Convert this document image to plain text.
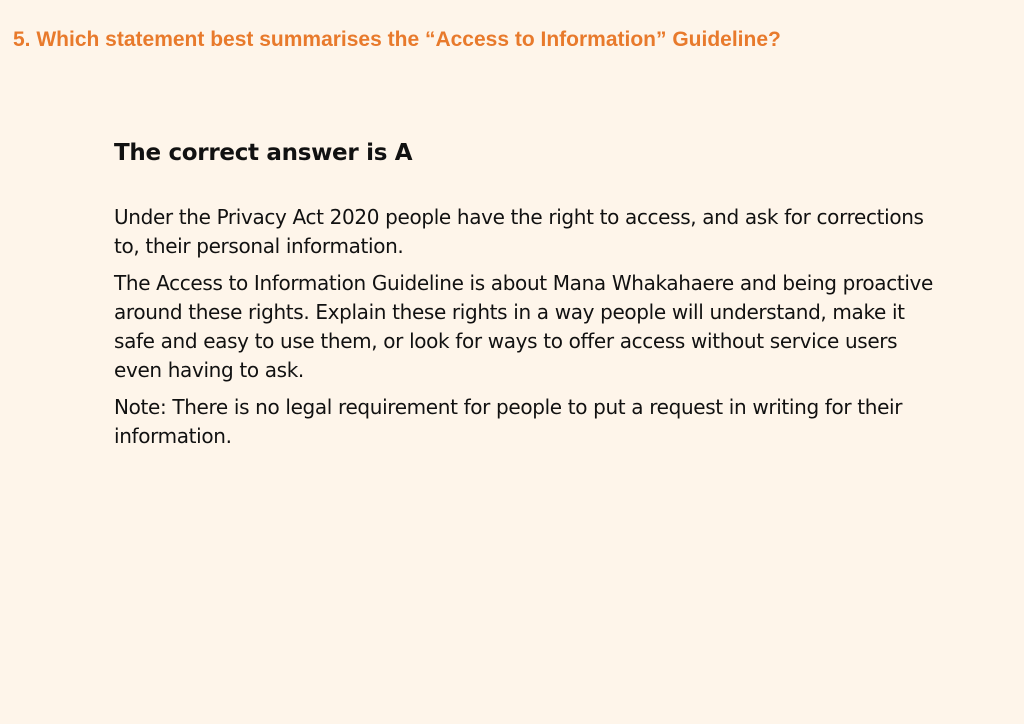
5. Which statement best summarises the “Access to Information” Guideline?
The correct answer is A

Under the Privacy Act 2020 people have the right to access, and ask for corrections to, their personal information.

The Access to Information Guideline is about Mana Whakahaere and being proactive around these rights. Explain these rights in a way people will understand, make it safe and easy to use them, or look for ways to offer access without service users even having to ask.

Note: There is no legal requirement for people to put a request in writing for their information.
